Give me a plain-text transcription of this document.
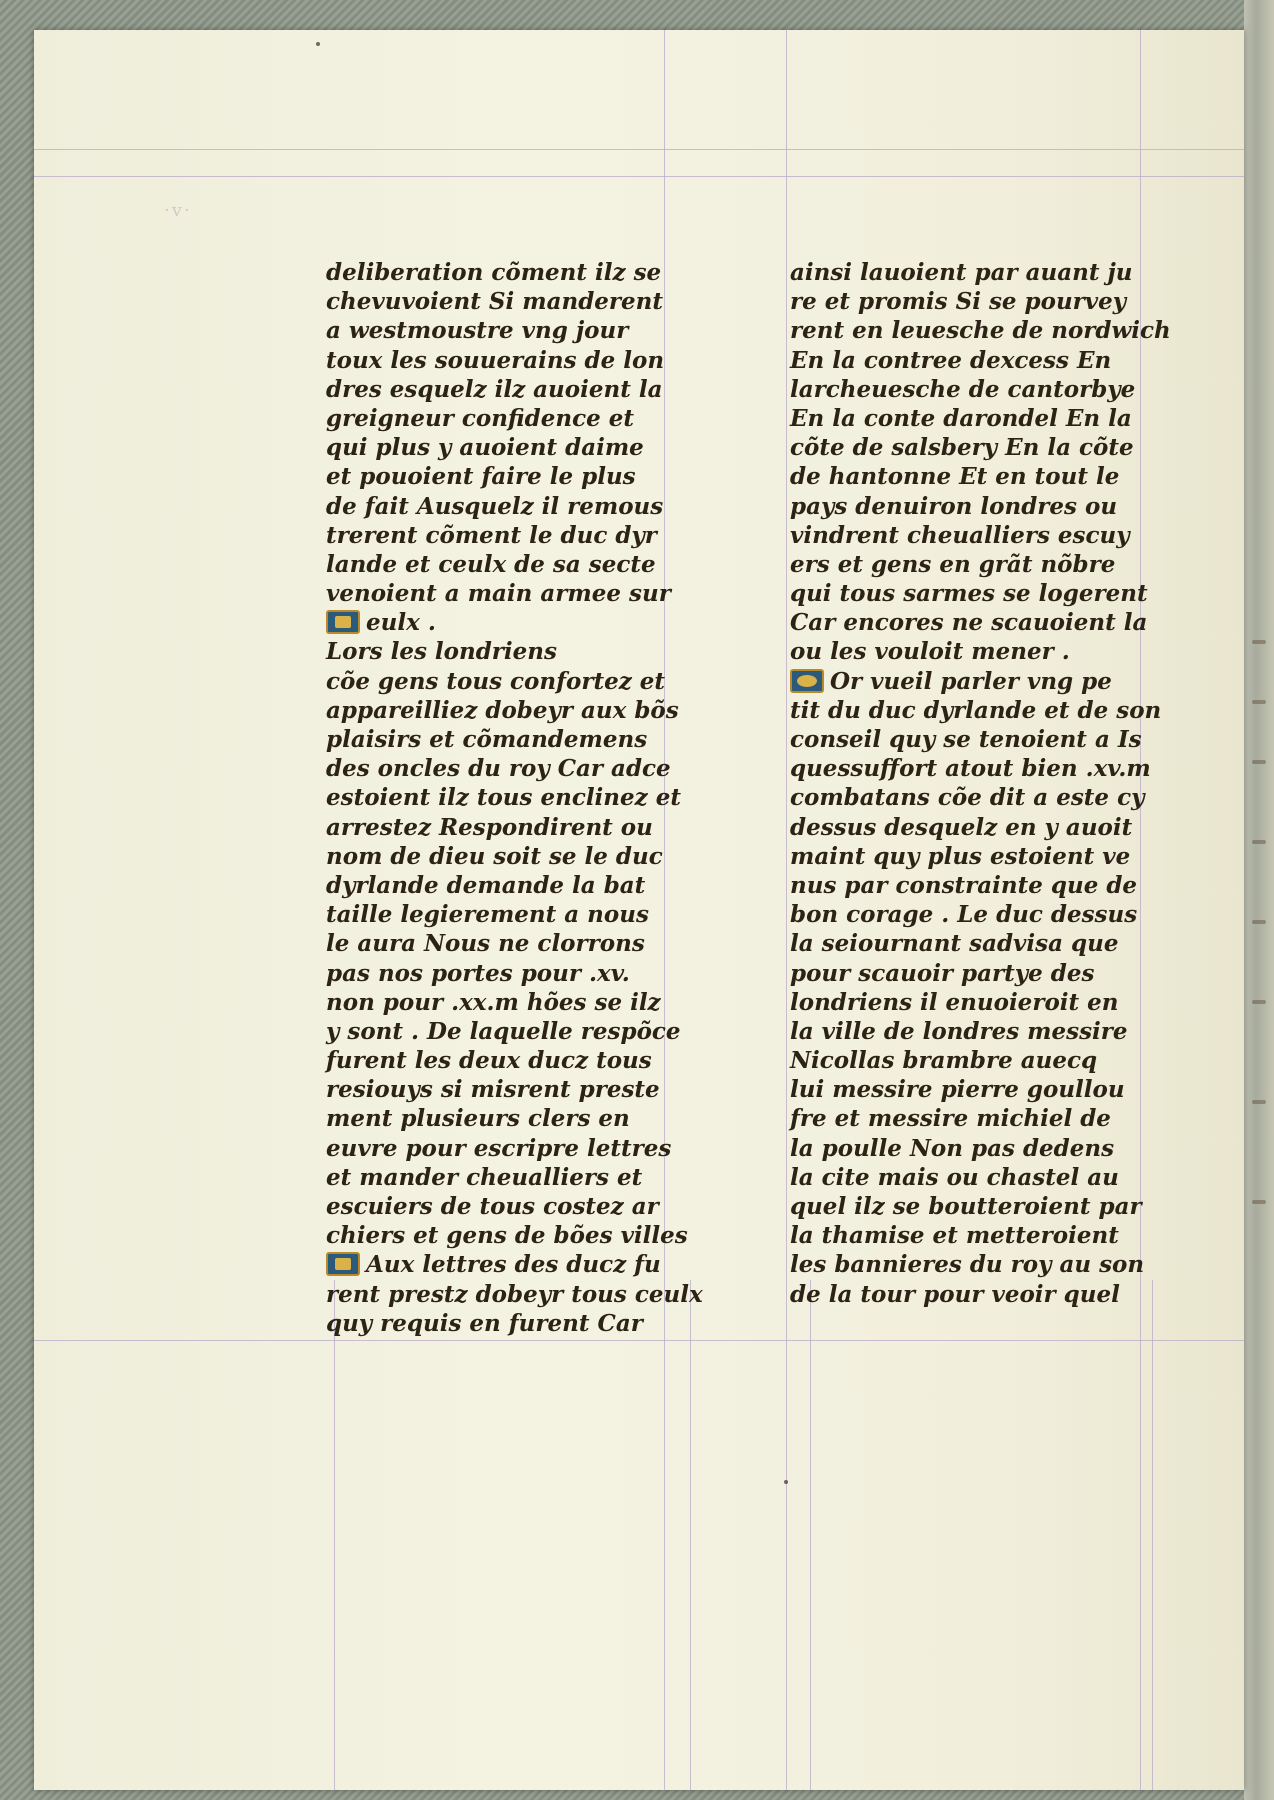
·v·
deliberation cõment ilz se
chevuvoient Si manderent
a westmoustre vng jour
toux les souuerains de lon
dres esquelz ilz auoient la
greigneur confidence et
qui plus y auoient daime
et pouoient faire le plus
de fait Ausquelz il remous
trerent cõment le duc dyr
lande et ceulx de sa secte
venoient a main armee sur
eulx .
Lors les londriens
cõe gens tous confortez et
appareilliez dobeyr aux bõs
plaisirs et cõmandemens
des oncles du roy Car adce
estoient ilz tous enclinez et
arrestez Respondirent ou
nom de dieu soit se le duc
dyrlande demande la bat
taille legierement a nous
le aura Nous ne clorrons
pas nos portes pour .xv.
non pour .xx.m hões se ilz
y sont . De laquelle respõce
furent les deux ducz tous
resiouys si misrent preste
ment plusieurs clers en
euvre pour escripre lettres
et mander cheualliers et
escuiers de tous costez ar
chiers et gens de bões villes
Aux lettres des ducz fu
rent prestz dobeyr tous ceulx
quy requis en furent Car
ainsi lauoient par auant ju
re et promis Si se pourvey
rent en leuesche de nordwich
En la contree dexcess En
larcheuesche de cantorbye
En la conte darondel En la
cõte de salsbery En la cõte
de hantonne Et en tout le
pays denuiron londres ou
vindrent cheualliers escuy
ers et gens en grãt nõbre
qui tous sarmes se logerent
Car encores ne scauoient la
ou les vouloit mener .
Or vueil parler vng pe
tit du duc dyrlande et de son
conseil quy se tenoient a Is
quessuffort atout bien .xv.m
combatans cõe dit a este cy
dessus desquelz en y auoit
maint quy plus estoient ve
nus par constrainte que de
bon corage . Le duc dessus
la seiournant sadvisa que
pour scauoir partye des
londriens il enuoieroit en
la ville de londres messire
Nicollas brambre auecq
lui messire pierre goullou
fre et messire michiel de
la poulle Non pas dedens
la cite mais ou chastel au
quel ilz se boutteroient par
la thamise et metteroient
les bannieres du roy au son
de la tour pour veoir quel
